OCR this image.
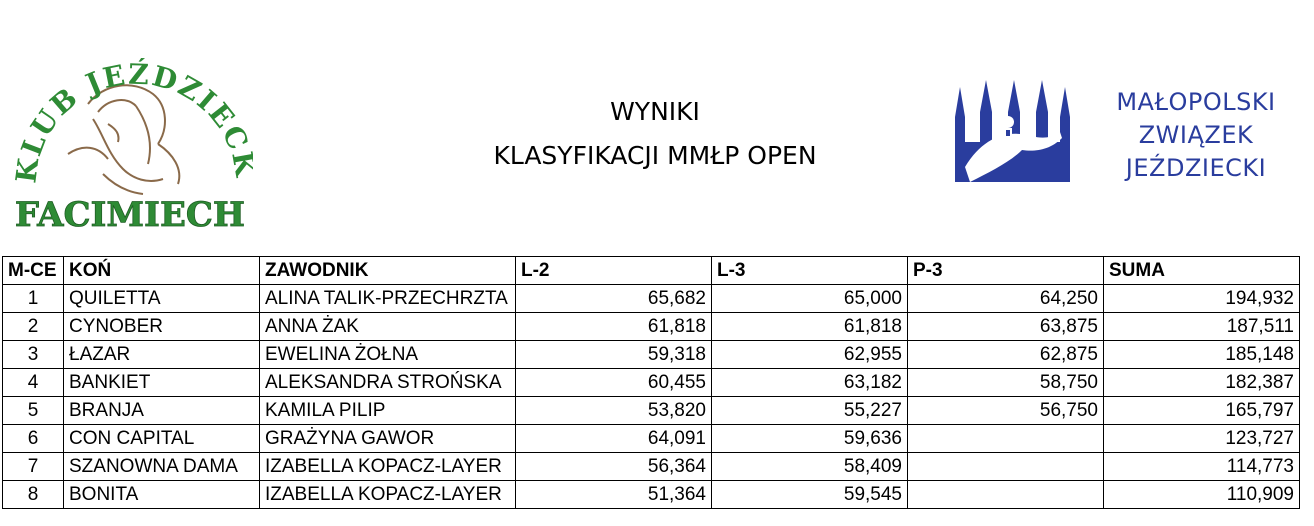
KLUB JEŹDZIEC
FACIMIECH
WYNIKI
KLASYFIKACJI MMŁP OPEN
MAŁOPOLSKI
ZWIĄZEK
JEŹDZIECKI
M-CE	KOŃ	ZAWODNIK	L-2	L-3	P-3	SUMA
1	QUILETTA	ALINA TALIK-PRZECHRZTA	65,682	65,000	64,250	194,932
2	CYNOBER	ANNA ŻAK	61,818	61,818	63,875	187,511
3	ŁAZAR	EWELINA ŻOŁNA	59,318	62,955	62,875	185,148
4	BANKIET	ALEKSANDRA STROŃSKA	60,455	63,182	58,750	182,387
5	BRANJA	KAMILA PILIP	53,820	55,227	56,750	165,797
6	CON CAPITAL	GRAŻYNA GAWOR	64,091	59,636		123,727
7	SZANOWNA DAMA	IZABELLA KOPACZ-LAYER	56,364	58,409		114,773
8	BONITA	IZABELLA KOPACZ-LAYER	51,364	59,545		110,909
